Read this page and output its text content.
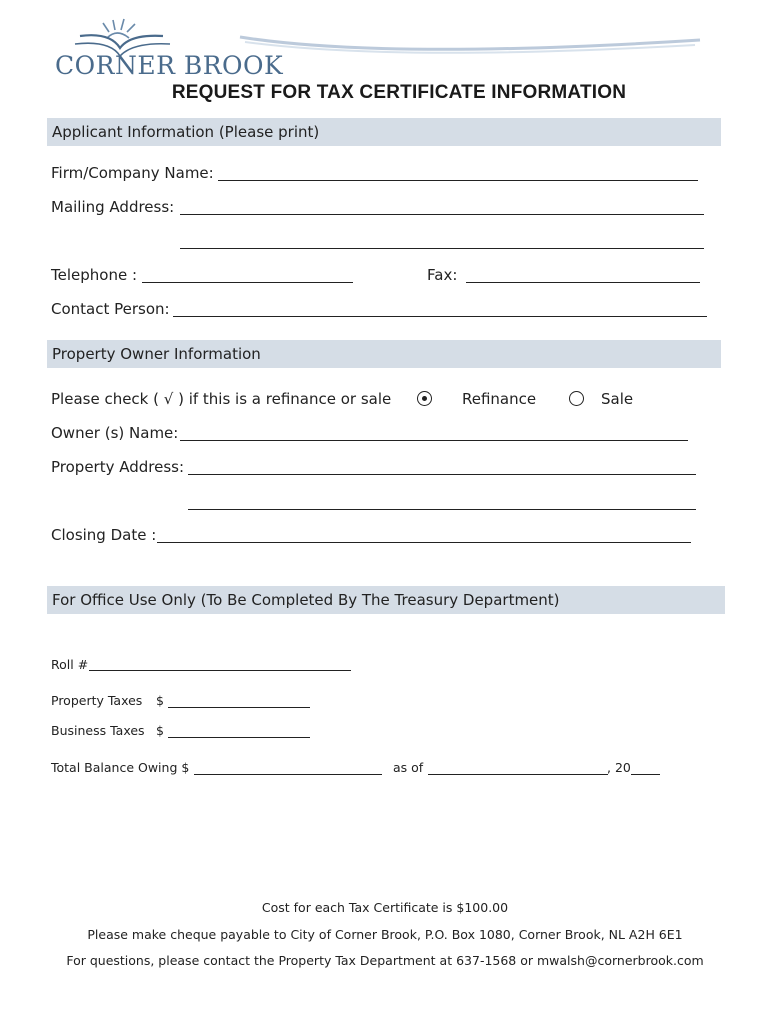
CORNER BROOK
REQUEST FOR TAX CERTIFICATE INFORMATION
Applicant Information (Please print)
Firm/Company Name:
Mailing Address:
Telephone :	Fax:
Contact Person:
Property Owner Information
Please check ( √ ) if this is a refinance or sale	Refinance	Sale
Owner (s) Name:
Property Address:
Closing Date :
For Office Use Only (To Be Completed By The Treasury Department)
Roll #
Property Taxes $
Business Taxes $
Total Balance Owing $	as of	, 20
Cost for each Tax Certificate is $100.00
Please make cheque payable to City of Corner Brook, P.O. Box 1080, Corner Brook, NL A2H 6E1
For questions, please contact the Property Tax Department at 637-1568 or mwalsh@cornerbrook.com
